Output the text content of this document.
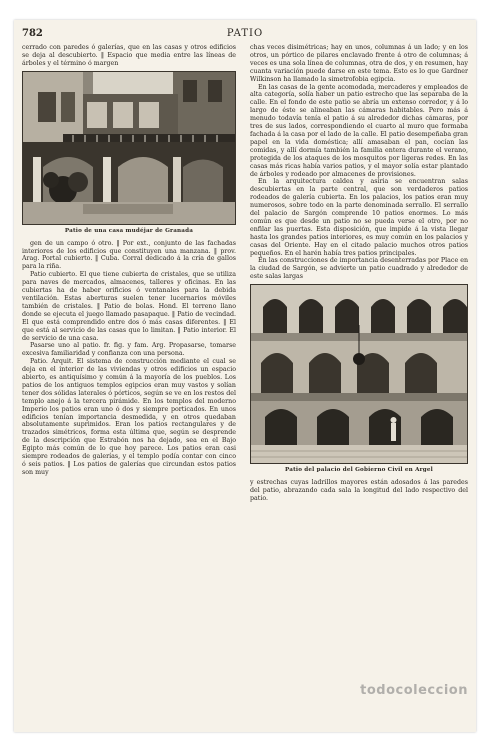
782	PATIO

cerrado con paredes ó galerías, que en las casas y otros edificios se deja al descubierto. ‖ Espacio que media entre las líneas de árboles y el término ó margen

Patio de una casa mudéjar de Granada

gen de un campo ó otro. ‖ Por ext., conjunto de las fachadas interiores de los edificios que constituyen una manzana. ‖ prov. Arag. Portal cubierto. ‖ Cuba. Corral dedicado á la cría de gallos para la riña.

Patio cubierto. El que tiene cubierta de cristales, que se utiliza para naves de mercados, almacenes, talleres y oficinas. En las cubiertas ha de haber orificios ó ventanales para la debida ventilación. Estas aberturas suelen tener lucernarios móviles también de cristales. ‖ Patio de bolas. Hond. El terreno llano donde se ejecuta el juego llamado pasapaque. ‖ Patio de vecindad. El que está comprendido entre dos ó más casas diferentes. ‖ El que está al servicio de las casas que lo limitan. ‖ Patio interior. El de servicio de una casa.

Pasarse uno al patio. fr. fig. y fam. Arg. Propasarse, tomarse excesiva familiaridad y confianza con una persona.

Patio. Arquit. El sistema de construcción mediante el cual se deja en el interior de las viviendas y otros edificios un espacio abierto, es antiquísimo y común á la mayoría de los pueblos. Los patios de los antiguos templos egipcios eran muy vastos y solían tener dos sólidas laterales ó pórticos, según se ve en los restos del templo anejo á la tercera pirámide. En los templos del moderno Imperio los patios eran uno ó dos y siempre porticados. En unos edificios tenían importancia desmedida, y en otros quedaban absolutamente suprimidos. Eran los patios rectangulares y de trazados simétricos, forma esta última que, según se desprende de la descripción que Estrabón nos ha dejado, sea en el Bajo Egipto más común de lo que hoy parece. Los patios eran casi siempre rodeados de galerías, y el templo podía contar con cinco ó seis patios. ‖ Los patios de galerías que circundan estos patios son muy

chas veces disimétricas; hay en unos, columnas á un lado; y en los otros, un pórtico de pilares enclavado frente á otro de columnas; á veces es una sola línea de columnas, otra de dos, y en resumen, hay cuanta variación puede darse en este tema. Esto es lo que Gardner Wilkinson ha llamado la simetrofobia egipcia.

En las casas de la gente acomodada, mercaderes y empleados de alta categoría, solía haber un patio estrecho que las separaba de la calle. En el fondo de este patio se abría un extenso corredor, y á lo largo de éste se alineaban las cámaras habitables. Pero más á menudo todavía tenía el patio á su alrededor dichas cámaras, por tres de sus lados, correspondiendo el cuarto al muro que formaba fachada á la casa por el lado de la calle. El patio desempeñaba gran papel en la vida doméstica; allí amasaban el pan, cocían las comidas, y allí dormía también la familia entera durante el verano, protegida de los ataques de los mosquitos por ligeras redes. En las casas más ricas había varios patios, y el mayor solía estar plantado de árboles y rodeado por almacenes de provisiones.

En la arquitectura caldea y asiria se encuentran salas descubiertas en la parte central, que son verdaderos patios rodeados de galería cubierta. En los palacios, los patios eran muy numerosos, sobre todo en la parte denominada serrallo. El serrallo del palacio de Sargón comprende 10 patios enormes. Lo más común es que desde un patio no se pueda verse el otro, por no enfilar las puertas. Esta disposición, que impide á la vista llegar hasta los grandes patios interiores, es muy común en los palacios y casas del Oriente. Hay en el citado palacio muchos otros patios pequeños. En el harén había tres patios principales.

En las construcciones de importancia desenterradas por Place en la ciudad de Sargón, se advierte un patio cuadrado y alrededor de este salas largas

Patio del palacio del Gobierno Civil en Argel

y estrechas cuyas ladrillos mayores están adosados á las paredes del patio, abrazando cada sala la longitud del lado respectivo del patio.

todocoleccion
